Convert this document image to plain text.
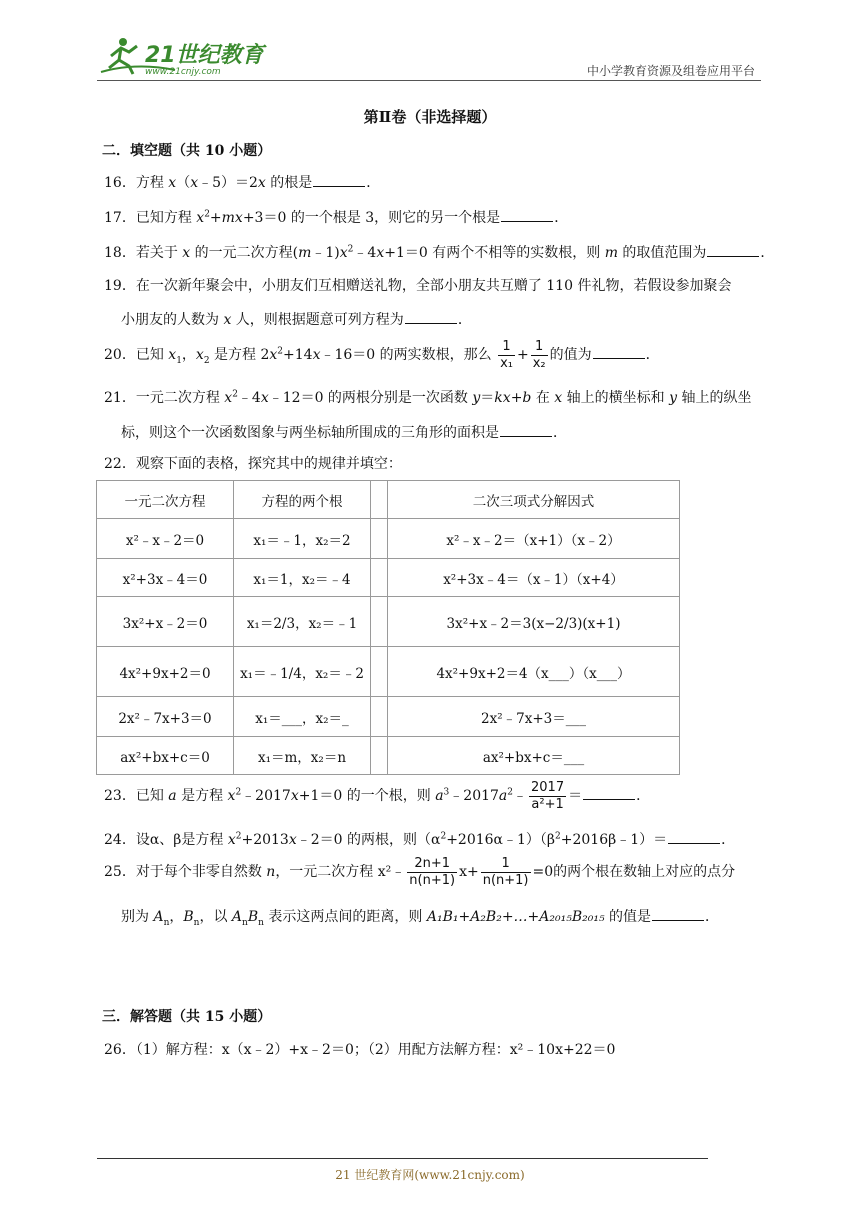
21世纪教育
www.21cnjy.com	中小学教育资源及组卷应用平台
第Ⅱ卷（非选择题）
二．填空题（共 10 小题）
16．方程 x（x﹣5）＝2x 的根是	．
17．已知方程 $x^2+mx+3=0$ 的一个根是 3，则它的另一个根是	．
18．若关于 x 的一元二次方程$(m﹣1)x^2﹣4x+1=0$ 有两个不相等的实数根，则 m 的取值范围为	．
19．在一次新年聚会中，小朋友们互相赠送礼物，全部小朋友共互赠了 110 件礼物，若假设参加聚会
小朋友的人数为 x 人，则根据题意可列方程为	．
20．已知 $x_1$，$x_2$ 是方程 $2x^2+14x﹣16=0$ 的两实数根，那么 $\frac{1}{\text{x₁}} + \frac{1}{\text{x₂}}$ 的值为	．
21．一元二次方程 $x^2﹣4x﹣12=0$ 的两根分别是一次函数 y＝kx+b 在 x 轴上的横坐标和 y 轴上的纵坐
标，则这个一次函数图象与两坐标轴所围成的三角形的面积是	．
22．观察下面的表格，探究其中的规律并填空：
一元二次方程	方程的两个根		二次三项式分解因式
x²﹣x﹣2＝0	x₁＝﹣1，x₂＝2		x²﹣x﹣2＝（x+1）（x﹣2）
x²+3x﹣4＝0	x₁＝1，x₂＝﹣4		x²+3x﹣4＝（x﹣1）（x+4）
3x²+x﹣2＝0	x₁＝2/3，x₂＝﹣1		3x²+x﹣2＝3(x−2/3)(x+1)
4x²+9x+2＝0	x₁＝﹣1/4，x₂＝﹣2		4x²+9x+2＝4（x___）（x___）
2x²﹣7x+3＝0	x₁＝___，x₂＝_		2x²﹣7x+3＝___
ax²+bx+c＝0	x₁＝m，x₂＝n		ax²+bx+c＝___
23．已知 a 是方程 $x^2﹣2017x+1=0$ 的一个根，则 $a^3﹣2017a^2﹣ \frac{2017}{\text{a²+1}}$ ＝	．
24．设α、β是方程 $x^2+2013x﹣2=0$ 的两根，则$(\alpha^2+2016\alpha﹣1)(\beta^2+2016\beta﹣1)=$	．
25．对于每个非零自然数 n，一元二次方程 x²﹣ $\frac{2n+1}{n(n+1)} x+ \frac{1}{n(n+1)} =0$的两个根在数轴上对应的点分
别为 $A_n$，$B_n$，以 $A_nB_n$ 表示这两点间的距离，则 A₁B₁+A₂B₂+…+A₂₀₁₅B₂₀₁₅ 的值是	．
三．解答题（共 15 小题）
26．（1）解方程：x（x﹣2）+x﹣2＝0；（2）用配方法解方程：x²﹣10x+22＝0
21 世纪教育网(www.21cnjy.com)
